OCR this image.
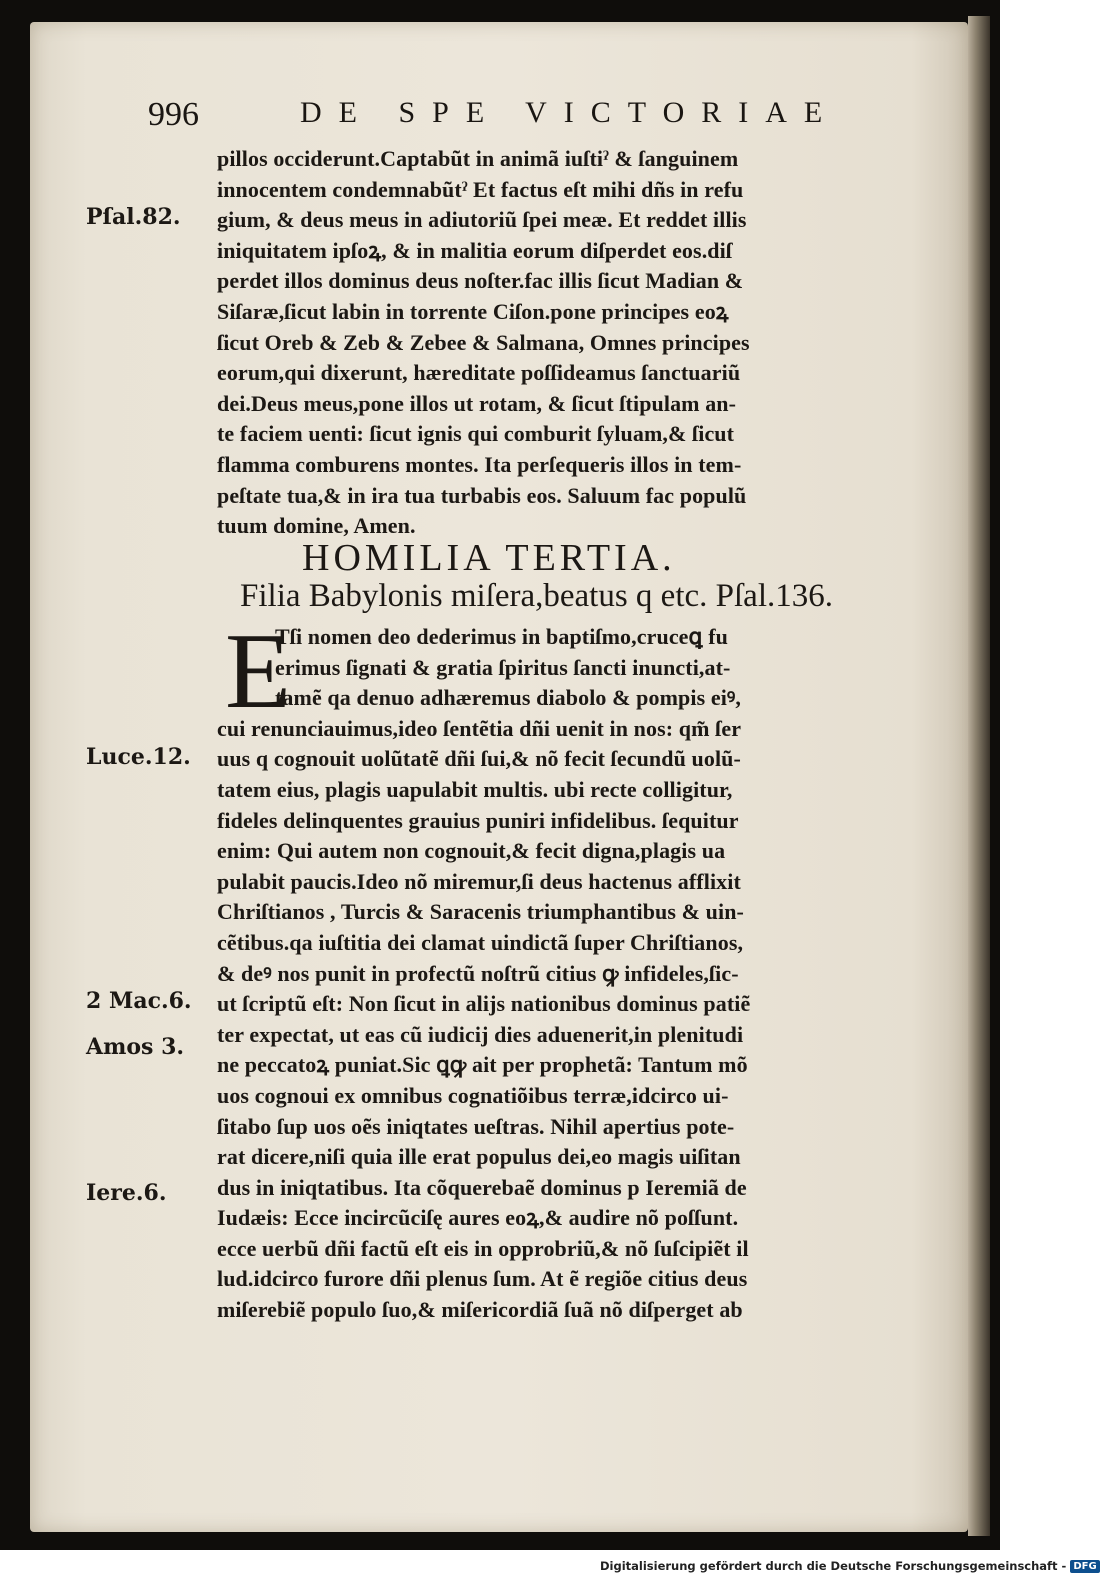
996	DE SPE VICTORIAE
pillos occiderunt.Captabũt in animã iuſtiˀ & ſanguinem
innocentem condemnabũtˀ Et factus eſt mihi dñs in refu
gium, & deus meus in adiutoriũ ſpei meæ. Et reddet illis
iniquitatem ipſoꝝ, & in malitia eorum diſperdet eos.diſ
perdet illos dominus deus noſter.fac illis ſicut Madian &
Siſaræ,ſicut labin in torrente Ciſon.pone principes eoꝝ
ſicut Oreb & Zeb & Zebee & Salmana, Omnes principes
eorum,qui dixerunt, hæreditate poſſideamus ſanctuariũ
dei.Deus meus,pone illos ut rotam, & ſicut ſtipulam an-
te faciem uenti: ſicut ignis qui comburit ſyluam,& ſicut
flamma comburens montes. Ita perſequeris illos in tem-
peſtate tua,& in ira tua turbabis eos. Saluum fac populũ
tuum domine, Amen.
HOMILIA TERTIA.
Filia Babylonis miſera,beatus q etc. Pſal.136.
E
Tſi nomen deo dederimus in baptiſmo,cruceꝗ fu
erimus ſignati & gratia ſpiritus ſancti inuncti,at-
tamẽ qa denuo adhæremus diabolo & pompis eiꝰ,
cui renunciauimus,ideo ſentẽtia dñi uenit in nos: qm̃ ſer
uus q cognouit uolũtatẽ dñi ſui,& nõ fecit ſecundũ uolũ-
tatem eius, plagis uapulabit multis. ubi recte colligitur,
fideles delinquentes grauius puniri infidelibus. ſequitur
enim: Qui autem non cognouit,& fecit digna,plagis ua
pulabit paucis.Ideo nõ miremur,ſi deus hactenus afflixit
Chriſtianos , Turcis & Saracenis triumphantibus & uin-
cẽtibus.qa iuſtitia dei clamat uindictã ſuper Chriſtianos,
& deꝰ nos punit in profectũ noſtrũ citius ꝙ infideles,ſic-
ut ſcriptũ eſt: Non ſicut in alijs nationibus dominus patiẽ
ter expectat, ut eas cũ iudicij dies aduenerit,in plenitudi
ne peccatoꝝ puniat.Sic ꝗꝙ ait per prophetã: Tantum mõ
uos cognoui ex omnibus cognatiõibus terræ,idcirco ui-
ſitabo ſup uos oẽs iniqtates ueſtras. Nihil apertius pote-
rat dicere,niſi quia ille erat populus dei,eo magis uiſitan
dus in iniqtatibus. Ita cõquerebaẽ dominus p Ieremiã de
Iudæis: Ecce incircũciſę aures eoꝝ,& audire nõ poſſunt.
ecce uerbũ dñi factũ eſt eis in opprobriũ,& nõ ſuſcipiẽt il
lud.idcirco furore dñi plenus ſum. At ẽ regiõe citius deus
miſerebiẽ populo ſuo,& miſericordiã ſuã nõ diſperget ab
Pſal.82.
Luce.12.
2 Mac.6.
Amos 3.
Iere.6.
Digitalisierung gefördert durch die Deutsche Forschungsgemeinschaft - DFG
